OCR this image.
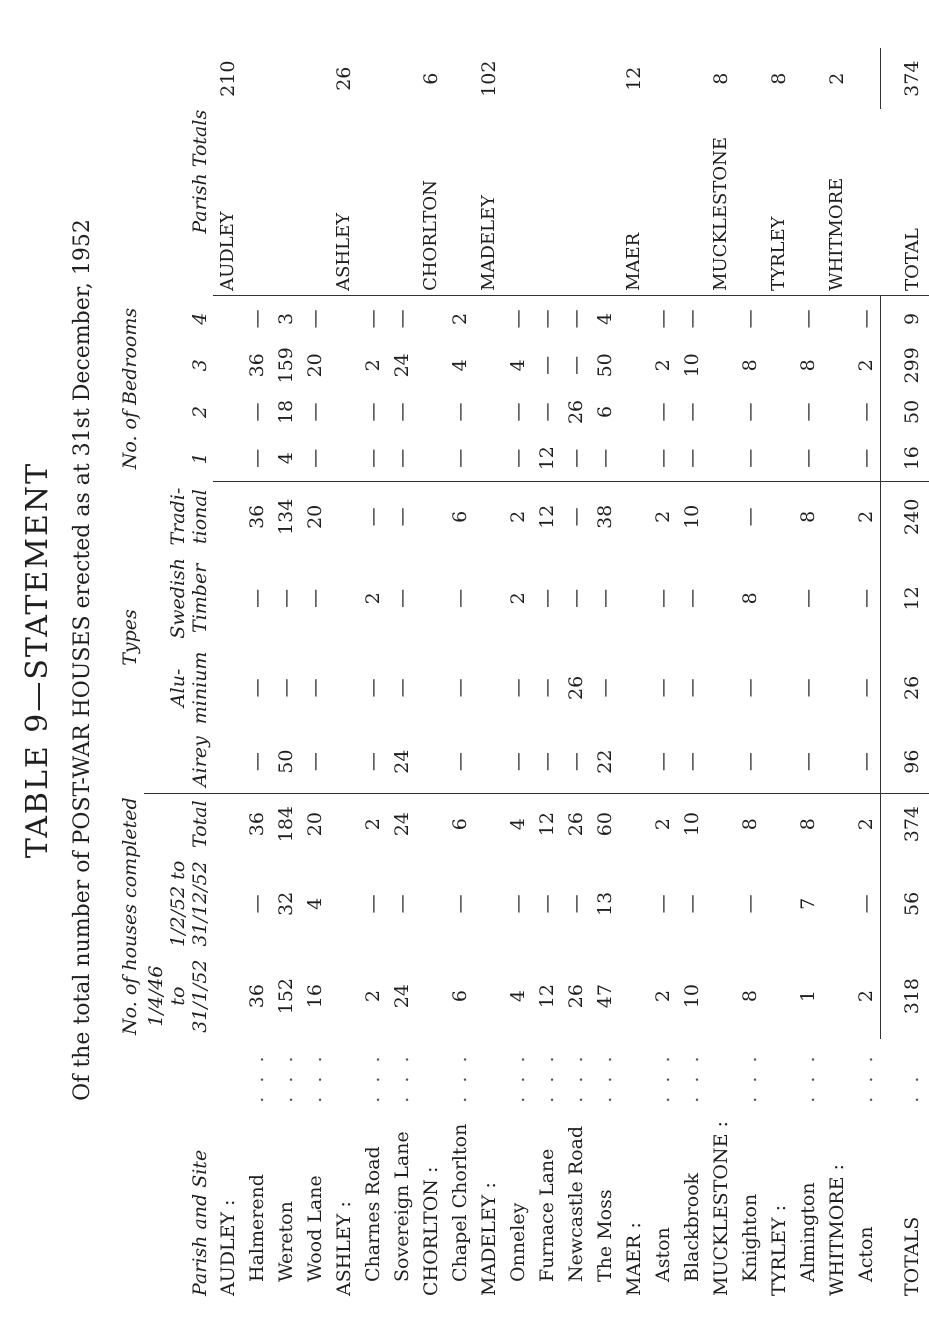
TABLE 9—STATEMENT Of the total number of POST-WAR HOUSES erected as at 31st December, 1952
Parish and Site		No. of houses completed			Types				No. of Bedrooms				Parish Totals	
		1/4/46 to 31/1/52	1/2/52 to 31/12/52	Total	Airey	Alu-minium	Swedish Timber	Tradi-tional						
									1	2	3	4		
AUDLEY :													AUDLEY	210
Halmerend	. . .	36	—	36	—	—	—	36	—	—	36	—		
Wereton	. . .	152	32	184	50	—	—	134	4	18	159	3		
Wood Lane	. . .	16	4	20	—	—	—	20	—	—	20	—		
ASHLEY :													ASHLEY	26
Charnes Road	. . .	2	—	2	—	—	2	—	—	—	2	—		
Sovereign Lane	. . .	24	—	24	24	—	—	—	—	—	24	—		
CHORLTON :													CHORLTON	6
Chapel Chorlton	. . .	6	—	6	—	—	—	6	—	—	4	2		
MADELEY :													MADELEY	102
Onneley	. . .	4	—	4	—	—	2	2	—	—	4	—		
Furnace Lane	. . .	12	—	12	—	—	—	12	12	—	—	—		
Newcastle Road	. . .	26	—	26	—	26	—	—	—	26	—	—		
The Moss	. . .	47	13	60	22	—	—	38	—	6	50	4		
MAER :													MAER	12
Aston	. . .	2	—	2	—	—	—	2	—	—	2	—		
Blackbrook	. . .	10	—	10	—	—	—	10	—	—	10	—		
MUCKLESTONE :													MUCKLESTONE	8
Knighton	. . .	8	—	8	—	—	8	—	—	—	8	—		
TYRLEY :													TYRLEY	8
Almington	. . .	1	7	8	—	—	—	8	—	—	8	—		
WHITMORE :													WHITMORE	2
Acton	. . .	2	—	2	—	—	—	2	—	—	2	—		
TOTALS	. .	318	56	374	96	26	12	240	16	50	299	9	TOTAL	374
